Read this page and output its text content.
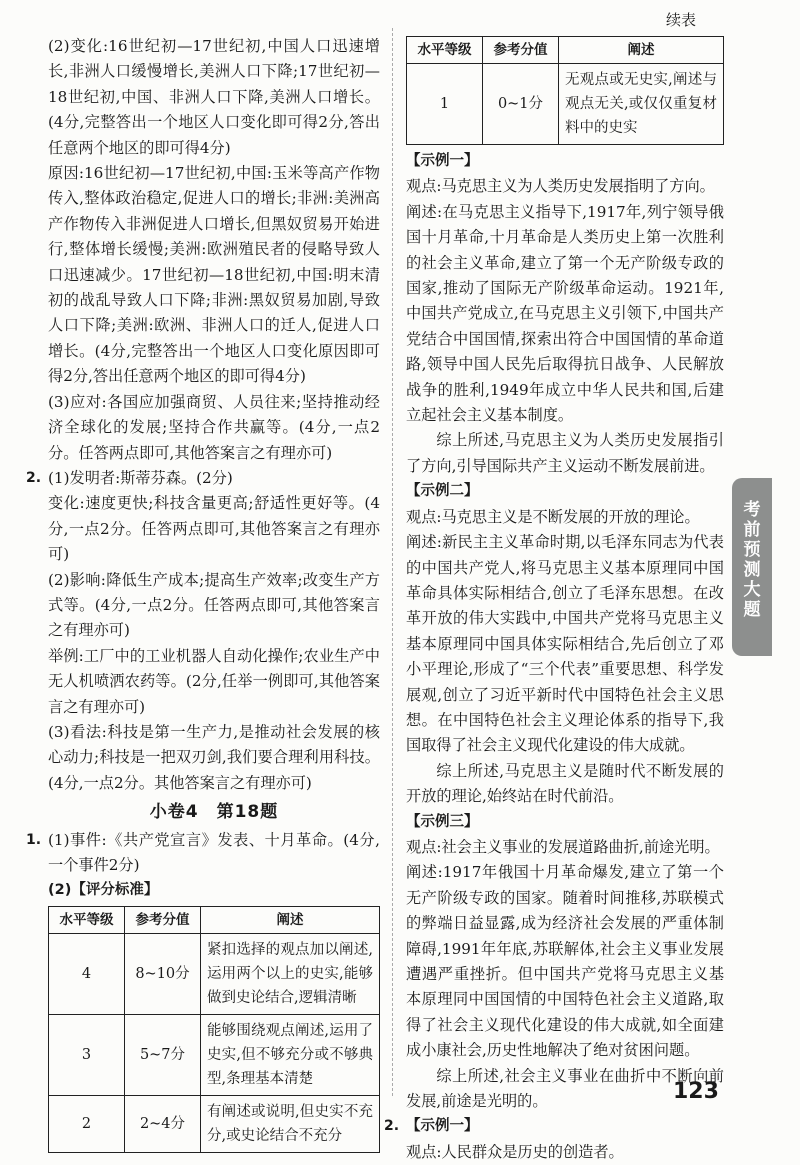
续表

(2)变化:16世纪初—17世纪初,中国人口迅速增长,非洲人口缓慢增长,美洲人口下降;17世纪初—18世纪初,中国、非洲人口下降,美洲人口增长。(4分,完整答出一个地区人口变化即可得2分,答出任意两个地区的即可得4分)

原因:16世纪初—17世纪初,中国:玉米等高产作物传入,整体政治稳定,促进人口的增长;非洲:美洲高产作物传入非洲促进人口增长,但黑奴贸易开始进行,整体增长缓慢;美洲:欧洲殖民者的侵略导致人口迅速减少。17世纪初—18世纪初,中国:明末清初的战乱导致人口下降;非洲:黑奴贸易加剧,导致人口下降;美洲:欧洲、非洲人口的迁人,促进人口增长。(4分,完整答出一个地区人口变化原因即可得2分,答出任意两个地区的即可得4分)

(3)应对:各国应加强商贸、人员往来;坚持推动经济全球化的发展;坚持合作共赢等。(4分,一点2分。任答两点即可,其他答案言之有理亦可)

2. (1)发明者:斯蒂芬森。(2分)

变化:速度更快;科技含量更高;舒适性更好等。(4分,一点2分。任答两点即可,其他答案言之有理亦可)

(2)影响:降低生产成本;提高生产效率;改变生产方式等。(4分,一点2分。任答两点即可,其他答案言之有理亦可)

举例:工厂中的工业机器人自动化操作;农业生产中无人机喷洒农药等。(2分,任举一例即可,其他答案言之有理亦可)

(3)看法:科技是第一生产力,是推动社会发展的核心动力;科技是一把双刃剑,我们要合理利用科技。(4分,一点2分。其他答案言之有理亦可)

小卷4　第18题
1. (1)事件:《共产党宣言》发表、十月革命。(4分,一个事件2分)

(2)【评分标准】

水平等级	参考分值	阐述
4	8~10分	紧扣选择的观点加以阐述,运用两个以上的史实,能够做到史论结合,逻辑清晰
3	5~7分	能够围绕观点阐述,运用了史实,但不够充分或不够典型,条理基本清楚
2	2~4分	有阐述或说明,但史实不充分,或史论结合不充分
水平等级	参考分值	阐述
1	0~1分	无观点或无史实,阐述与观点无关,或仅仅重复材料中的史实

【示例一】

观点:马克思主义为人类历史发展指明了方向。

阐述:在马克思主义指导下,1917年,列宁领导俄国十月革命,十月革命是人类历史上第一次胜利的社会主义革命,建立了第一个无产阶级专政的国家,推动了国际无产阶级革命运动。1921年,中国共产党成立,在马克思主义引领下,中国共产党结合中国国情,探索出符合中国国情的革命道路,领导中国人民先后取得抗日战争、人民解放战争的胜利,1949年成立中华人民共和国,后建立起社会主义基本制度。

综上所述,马克思主义为人类历史发展指引了方向,引导国际共产主义运动不断发展前进。

【示例二】

观点:马克思主义是不断发展的开放的理论。

阐述:新民主主义革命时期,以毛泽东同志为代表的中国共产党人,将马克思主义基本原理同中国革命具体实际相结合,创立了毛泽东思想。在改革开放的伟大实践中,中国共产党将马克思主义基本原理同中国具体实际相结合,先后创立了邓小平理论,形成了“三个代表”重要思想、科学发展观,创立了习近平新时代中国特色社会主义思想。在中国特色社会主义理论体系的指导下,我国取得了社会主义现代化建设的伟大成就。

综上所述,马克思主义是随时代不断发展的开放的理论,始终站在时代前沿。

【示例三】

观点:社会主义事业的发展道路曲折,前途光明。

阐述:1917年俄国十月革命爆发,建立了第一个无产阶级专政的国家。随着时间推移,苏联模式的弊端日益显露,成为经济社会发展的严重体制障碍,1991年年底,苏联解体,社会主义事业发展遭遇严重挫折。但中国共产党将马克思主义基本原理同中国国情的中国特色社会主义道路,取得了社会主义现代化建设的伟大成就,如全面建成小康社会,历史性地解决了绝对贫困问题。

综上所述,社会主义事业在曲折中不断向前发展,前途是光明的。

2. 【示例一】

观点:人民群众是历史的创造者。

考
前
预
测
大
题
123
